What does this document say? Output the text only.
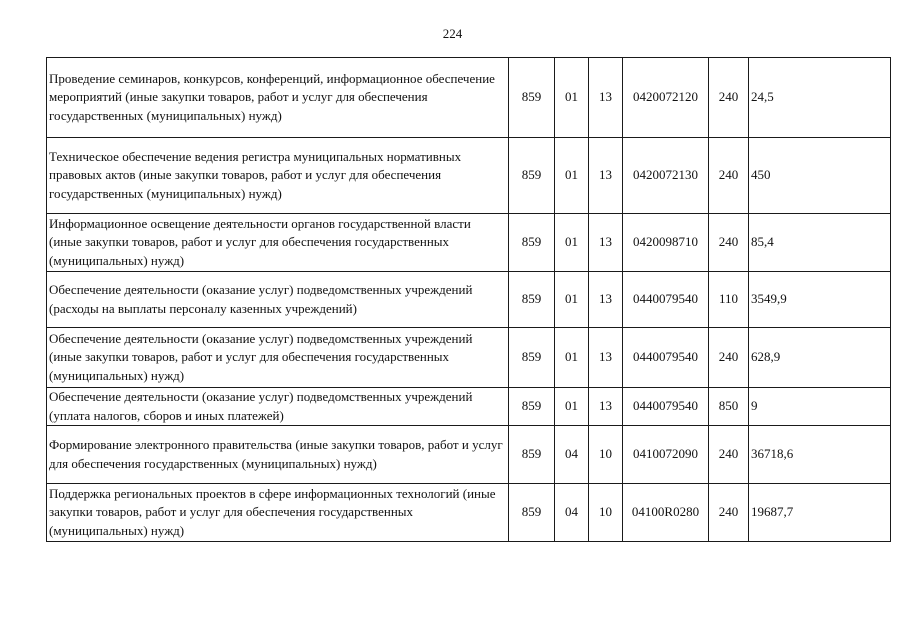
224
Проведение семинаров, конкурсов, конференций, информационное обеспечение мероприятий (иные закупки товаров, работ и услуг для обеспечения государственных (муниципальных) нужд)	859	01	13	0420072120	240	24,5
Техническое обеспечение ведения регистра муниципальных нормативных правовых актов (иные закупки товаров, работ и услуг для обеспечения государственных (муниципальных) нужд)	859	01	13	0420072130	240	450
Информационное освещение деятельности органов государственной власти (иные закупки товаров, работ и услуг для обеспечения государственных (муниципальных) нужд)	859	01	13	0420098710	240	85,4
Обеспечение деятельности (оказание услуг) подведомственных учреждений (расходы на выплаты персоналу казенных учреждений)	859	01	13	0440079540	110	3549,9
Обеспечение деятельности (оказание услуг) подведомственных учреждений (иные закупки товаров, работ и услуг для обеспечения государственных (муниципальных) нужд)	859	01	13	0440079540	240	628,9
Обеспечение деятельности (оказание услуг) подведомственных учреждений (уплата налогов, сборов и иных платежей)	859	01	13	0440079540	850	9
Формирование электронного правительства (иные закупки товаров, работ и услуг для обеспечения государственных (муниципальных) нужд)	859	04	10	0410072090	240	36718,6
Поддержка региональных проектов в сфере информационных технологий (иные закупки товаров, работ и услуг для обеспечения государственных (муниципальных) нужд)	859	04	10	04100R0280	240	19687,7
